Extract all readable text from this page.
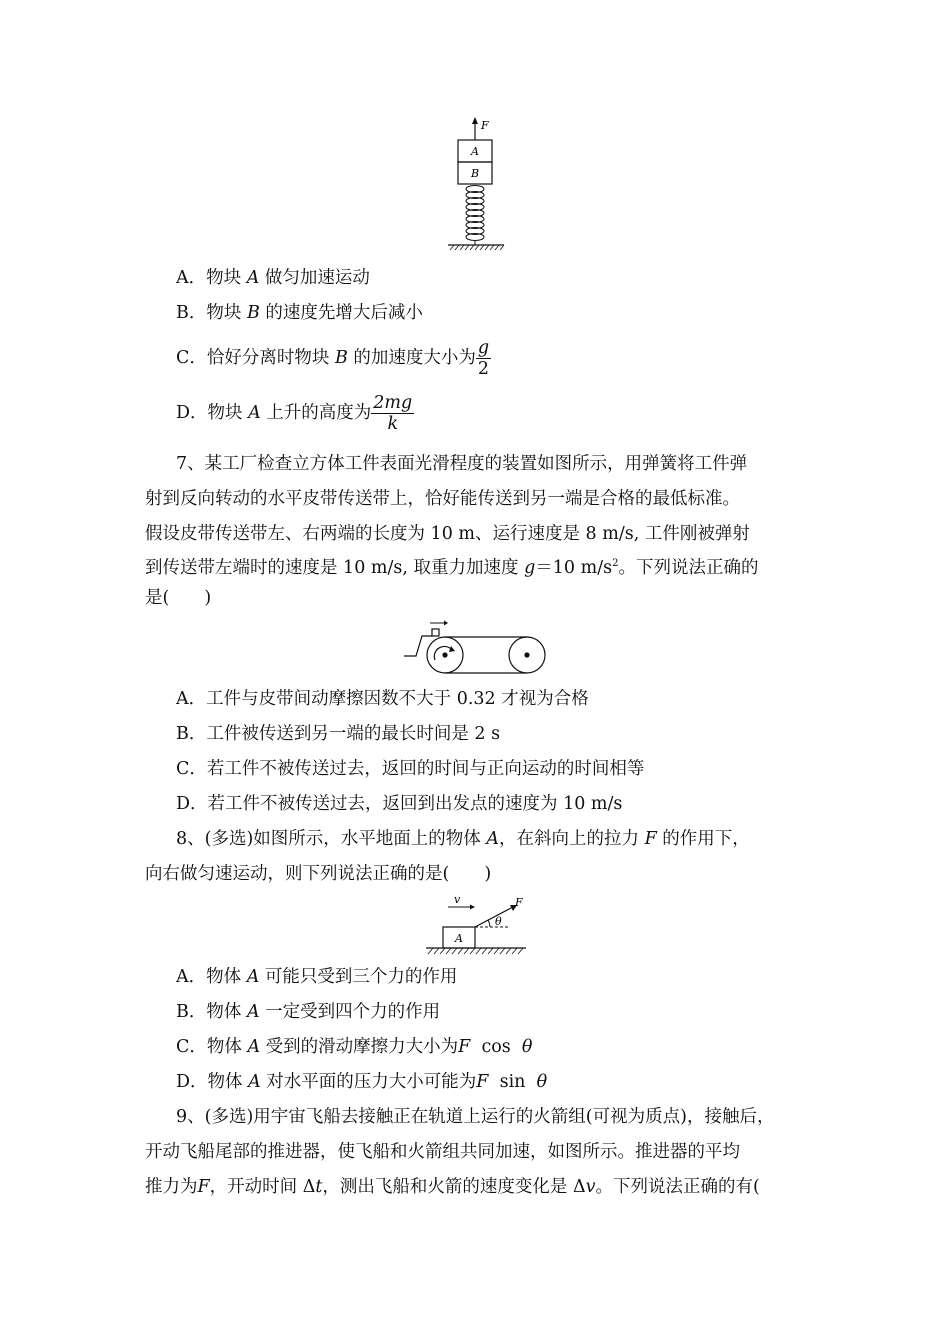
F
A
B
A．物块 A 做匀加速运动
B．物块 B 的速度先增大后减小
C．恰好分离时物块 B 的加速度大小为 $\frac{g}{2}$
D．物块 A 上升的高度为 $\frac{2mg}{k}$
7、某工厂检查立方体工件表面光滑程度的装置如图所示，用弹簧将工件弹
射到反向转动的水平皮带传送带上，恰好能传送到另一端是合格的最低标准。
假设皮带传送带左、右两端的长度为 10 m、运行速度是 8 m/s, 工件刚被弹射
到传送带左端时的速度是 10 m/s, 取重力加速度 g＝10 $m/s^2$。下列说法正确的
是(　　)
A．工件与皮带间动摩擦因数不大于 0.32 才视为合格
B．工件被传送到另一端的最长时间是 2 s
C．若工件不被传送过去，返回的时间与正向运动的时间相等
D．若工件不被传送过去，返回到出发点的速度为 10 m/s
8、(多选)如图所示，水平地面上的物体 A，在斜向上的拉力 F 的作用下，
向右做匀速运动，则下列说法正确的是(　　)
v
A
F
θ
A．物体 A 可能只受到三个力的作用
B．物体 A 一定受到四个力的作用
C．物体 A 受到的滑动摩擦力大小为F cos θ
D．物体 A 对水平面的压力大小可能为F sin θ
9、(多选)用宇宙飞船去接触正在轨道上运行的火箭组(可视为质点)，接触后，
开动飞船尾部的推进器，使飞船和火箭组共同加速，如图所示。推进器的平均
推力为F，开动时间 Δt，测出飞船和火箭的速度变化是 Δv。下列说法正确的有(
